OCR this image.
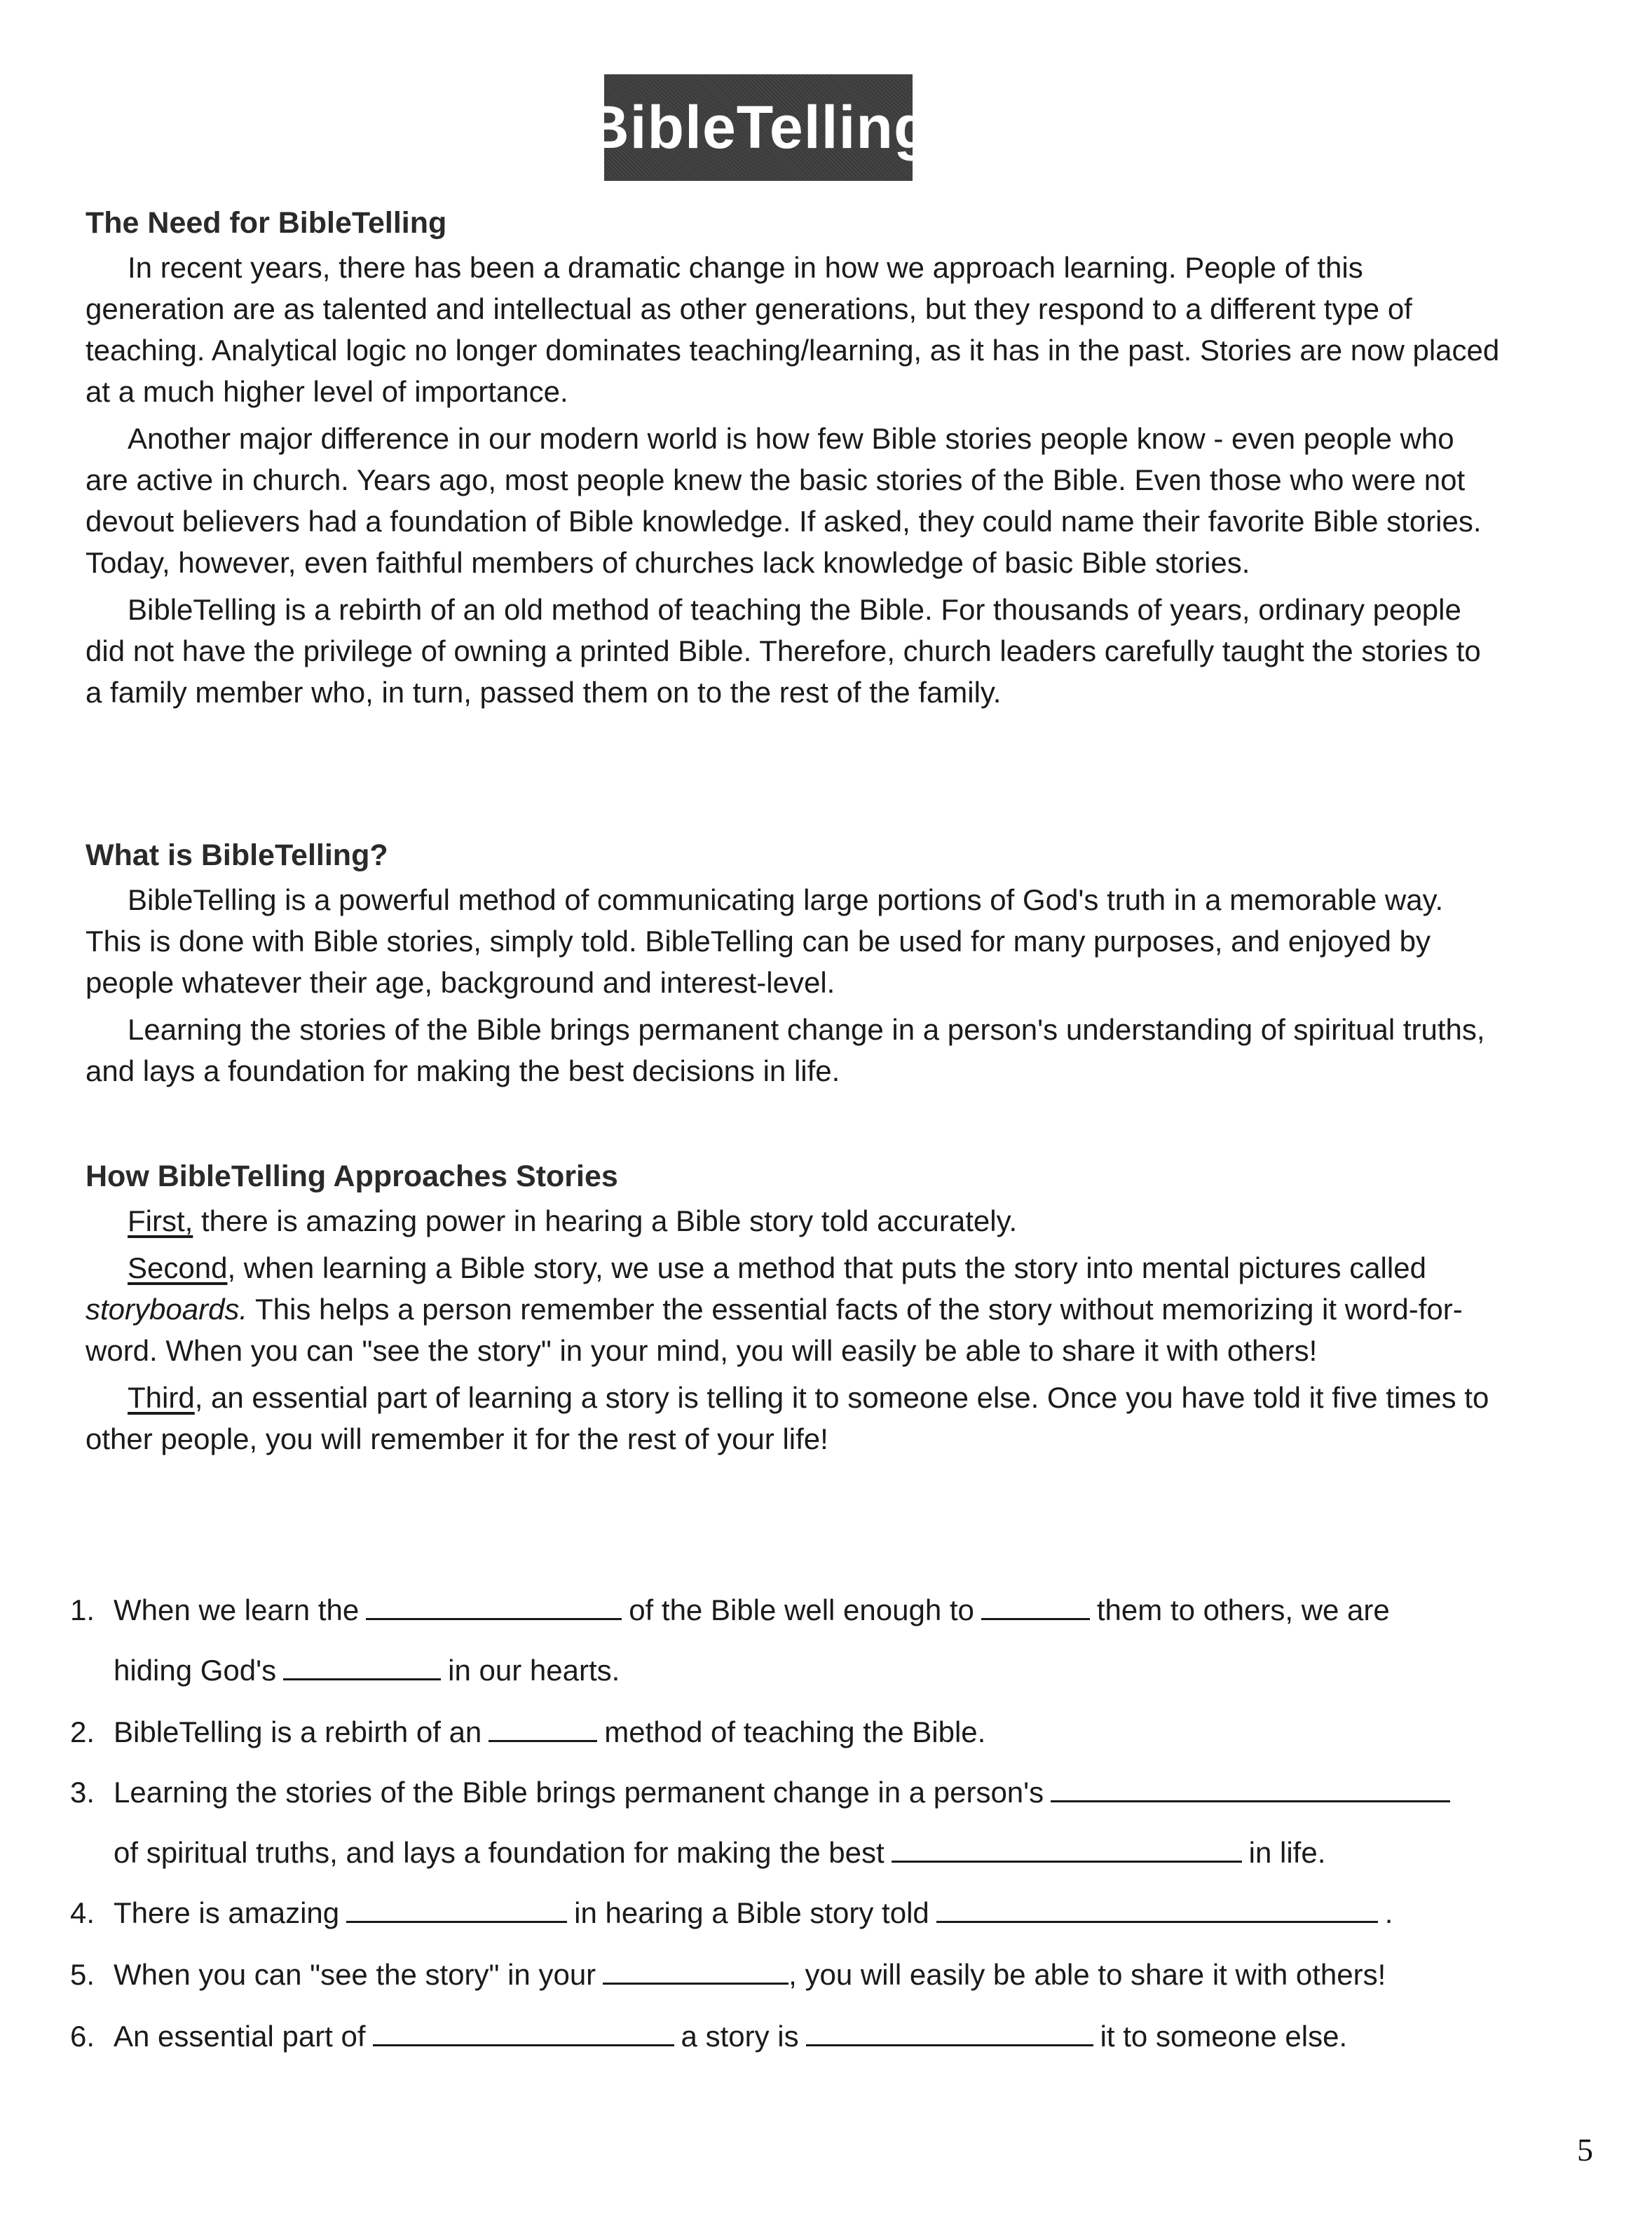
BibleTelling
The Need for BibleTelling

In recent years, there has been a dramatic change in how we approach learning. People of this generation are as talented and intellectual as other generations, but they respond to a different type of teaching. Analytical logic no longer dominates teaching/learning, as it has in the past. Stories are now placed at a much higher level of importance.

Another major difference in our modern world is how few Bible stories people know - even people who are active in church. Years ago, most people knew the basic stories of the Bible. Even those who were not devout believers had a foundation of Bible knowledge. If asked, they could name their favorite Bible stories. Today, however, even faithful members of churches lack knowledge of basic Bible stories.

BibleTelling is a rebirth of an old method of teaching the Bible. For thousands of years, ordinary people did not have the privilege of owning a printed Bible. Therefore, church leaders carefully taught the stories to a family member who, in turn, passed them on to the rest of the family.

What is BibleTelling?

BibleTelling is a powerful method of communicating large portions of God's truth in a memorable way. This is done with Bible stories, simply told. BibleTelling can be used for many purposes, and enjoyed by people whatever their age, background and interest-level.

Learning the stories of the Bible brings permanent change in a person's understanding of spiritual truths, and lays a foundation for making the best decisions in life.

How BibleTelling Approaches Stories

First, there is amazing power in hearing a Bible story told accurately.

Second, when learning a Bible story, we use a method that puts the story into mental pictures called storyboards. This helps a person remember the essential facts of the story without memorizing it word-for-word. When you can "see the story" in your mind, you will easily be able to share it with others!

Third, an essential part of learning a story is telling it to someone else. Once you have told it five times to other people, you will remember it for the rest of your life!

1. When we learn the	of the Bible well enough to	them to others, we are
hiding God's	in our hearts.
2. BibleTelling is a rebirth of an	method of teaching the Bible.
3. Learning the stories of the Bible brings permanent change in a person's
of spiritual truths, and lays a foundation for making the best	in life.
4. There is amazing	in hearing a Bible story told	.
5. When you can "see the story" in your	, you will easily be able to share it with others!
6. An essential part of	a story is	it to someone else.
5
